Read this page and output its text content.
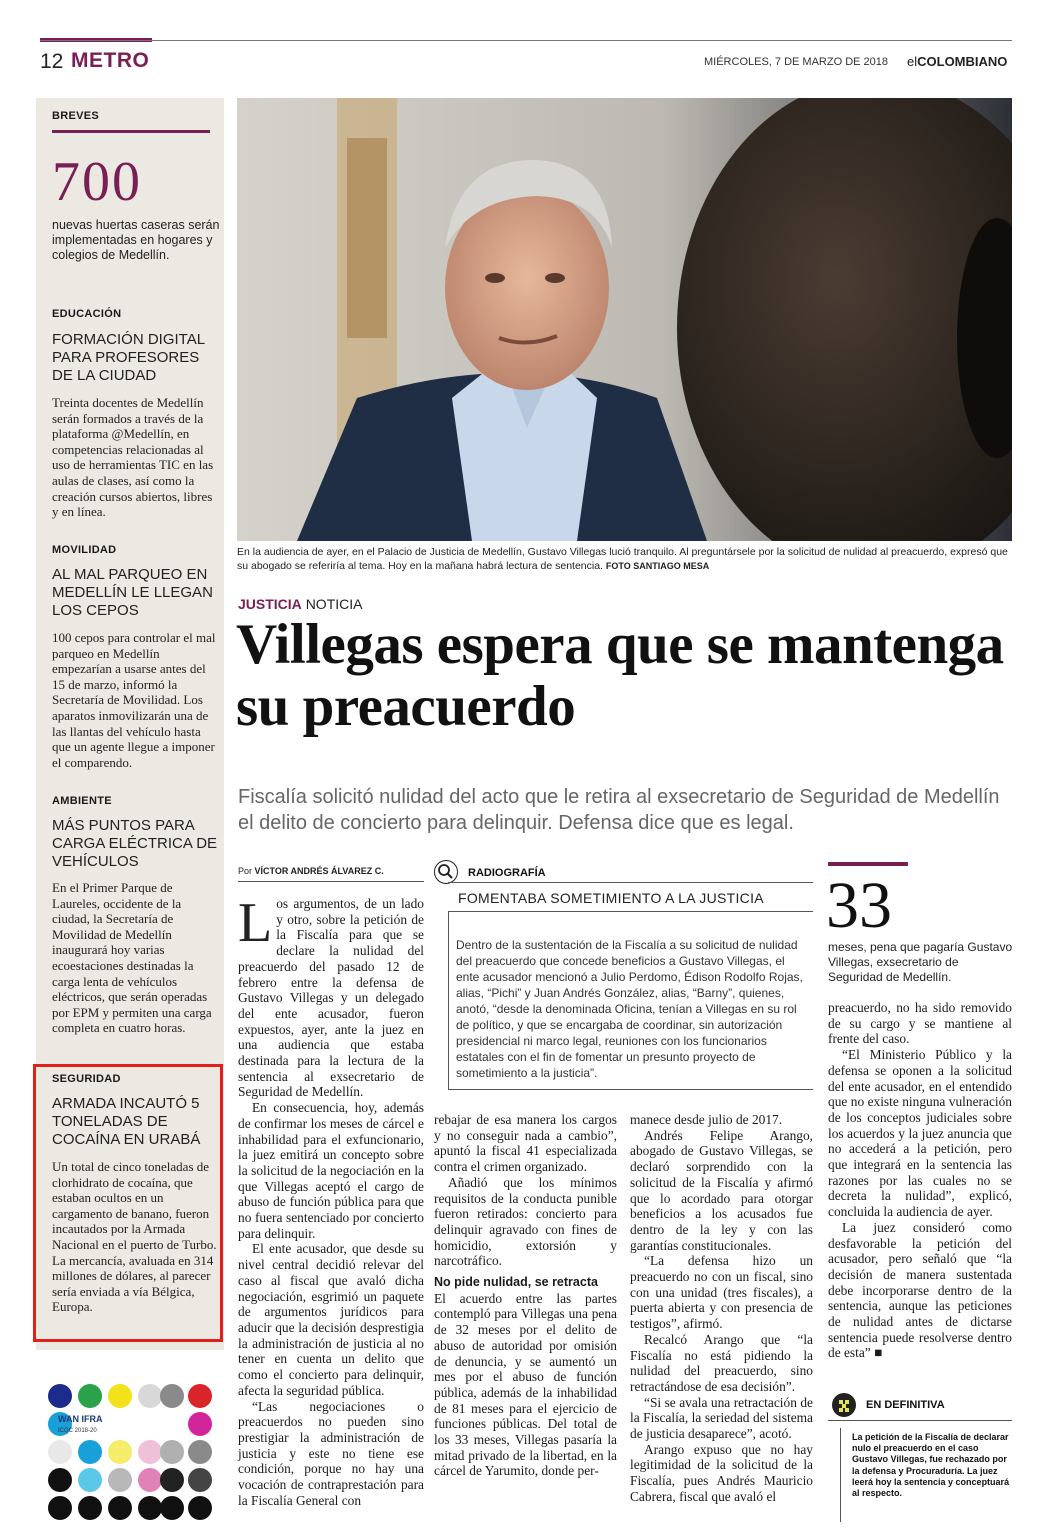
12 METRO	MIÉRCOLES, 7 DE MARZO DE 2018 elCOLOMBIANO
BREVES
700
nuevas huertas caseras serán implementadas en hogares y colegios de Medellín.
EDUCACIÓN
FORMACIÓN DIGITAL PARA PROFESORES DE LA CIUDAD
Treinta docentes de Medellín serán formados a través de la plataforma @Medellín, en competencias relacionadas al uso de herramientas TIC en las aulas de clases, así como la creación cursos abiertos, libres y en línea.
MOVILIDAD
AL MAL PARQUEO EN MEDELLÍN LE LLEGAN LOS CEPOS
100 cepos para controlar el mal parqueo en Medellín empezarían a usarse antes del 15 de marzo, informó la Secretaría de Movilidad. Los aparatos inmovilizarán una de las llantas del vehículo hasta que un agente llegue a imponer el comparendo.
AMBIENTE
MÁS PUNTOS PARA CARGA ELÉCTRICA DE VEHÍCULOS
En el Primer Parque de Laureles, occidente de la ciudad, la Secretaría de Movilidad de Medellín inaugurará hoy varias ecoestaciones destinadas la carga lenta de vehículos eléctricos, que serán operadas por EPM y permiten una carga completa en cuatro horas.
SEGURIDAD
ARMADA INCAUTÓ 5 TONELADAS DE COCAÍNA EN URABÁ
Un total de cinco toneladas de clorhidrato de cocaína, que estaban ocultos en un cargamento de banano, fueron incautados por la Armada Nacional en el puerto de Turbo. La mercancía, avaluada en 314 millones de dólares, al parecer sería enviada a vía Bélgica, Europa.
WAN IFRA
ICQC 2018-20
En la audiencia de ayer, en el Palacio de Justicia de Medellín, Gustavo Villegas lució tranquilo. Al preguntársele por la solicitud de nulidad al preacuerdo, expresó que su abogado se referiría al tema. Hoy en la mañana habrá lectura de sentencia. FOTO SANTIAGO MESA
JUSTICIA NOTICIA
Villegas espera que se mantenga su preacuerdo
Fiscalía solicitó nulidad del acto que le retira al exsecretario de Seguridad de Medellín el delito de concierto para delinquir. Defensa dice que es legal.
Por VÍCTOR ANDRÉS ÁLVAREZ C.

Los argumentos, de un lado y otro, sobre la petición de la Fiscalía para que se declare la nulidad del preacuerdo del pasado 12 de febrero entre la defensa de Gustavo Villegas y un delegado del ente acusador, fueron expuestos, ayer, ante la juez en una audiencia que estaba destinada para la lectura de la sentencia al exsecretario de Seguridad de Medellín.

En consecuencia, hoy, además de confirmar los meses de cárcel e inhabilidad para el exfuncionario, la juez emitirá un concepto sobre la solicitud de la negociación en la que Villegas aceptó el cargo de abuso de función pública para que no fuera sentenciado por concierto para delinquir.

El ente acusador, que desde su nivel central decidió relevar del caso al fiscal que avaló dicha negociación, esgrimió un paquete de argumentos jurídicos para aducir que la decisión desprestigia la administración de justicia al no tener en cuenta un delito que como el concierto para delinquir, afecta la seguridad pública.

“Las negociaciones o preacuerdos no pueden sino prestigiar la administración de justicia y este no tiene ese condición, porque no hay una vocación de contraprestación para la Fiscalía General con

RADIOGRAFÍA
FOMENTABA SOMETIMIENTO A LA JUSTICIA
Dentro de la sustentación de la Fiscalía a su solicitud de nulidad del preacuerdo que concede beneficios a Gustavo Villegas, el ente acusador mencionó a Julio Perdomo, Édison Rodolfo Rojas, alias, “Pichi” y Juan Andrés González, alias, “Barny”, quienes, anotó, “desde la denominada Oficina, tenían a Villegas en su rol de político, y que se encargaba de coordinar, sin autorización presidencial ni marco legal, reuniones con los funcionarios estatales con el fin de fomentar un presunto proyecto de sometimiento a la justicia”.

rebajar de esa manera los cargos y no conseguir nada a cambio”, apuntó la fiscal 41 especializada contra el crimen organizado.

Añadió que los mínimos requisitos de la conducta punible fueron retirados: concierto para delinquir agravado con fines de homicidio, extorsión y narcotráfico.

No pide nulidad, se retracta

El acuerdo entre las partes contempló para Villegas una pena de 32 meses por el delito de abuso de autoridad por omisión de denuncia, y se aumentó un mes por el abuso de función pública, además de la inhabilidad de 81 meses para el ejercicio de funciones públicas. Del total de los 33 meses, Villegas pasaría la mitad privado de la libertad, en la cárcel de Yarumito, donde per-

manece desde julio de 2017.

Andrés Felipe Arango, abogado de Gustavo Villegas, se declaró sorprendido con la solicitud de la Fiscalía y afirmó que lo acordado para otorgar beneficios a los acusados fue dentro de la ley y con las garantías constitucionales.

“La defensa hizo un preacuerdo no con un fiscal, sino con una unidad (tres fiscales), a puerta abierta y con presencia de testigos”, afirmó.

Recalcó Arango que “la Fiscalía no está pidiendo la nulidad del preacuerdo, sino retractándose de esa decisión”.

“Si se avala una retractación de la Fiscalía, la seriedad del sistema de justicia desaparece”, acotó.

Arango expuso que no hay legitimidad de la solicitud de la Fiscalía, pues Andrés Mauricio Cabrera, fiscal que avaló el

33
meses, pena que pagaría Gustavo Villegas, exsecretario de Seguridad de Medellín.

preacuerdo, no ha sido removido de su cargo y se mantiene al frente del caso.

“El Ministerio Público y la defensa se oponen a la solicitud del ente acusador, en el entendido que no existe ninguna vulneración de los conceptos judiciales sobre los acuerdos y la juez anuncia que no accederá a la petición, pero que integrará en la sentencia las razones por las cuales no se decreta la nulidad”, explicó, concluida la audiencia de ayer.

La juez consideró como desfavorable la petición del acusador, pero señaló que “la decisión de manera sustentada debe incorporarse dentro de la sentencia, aunque las peticiones de nulidad antes de dictarse sentencia puede resolverse dentro de esta” ■

EN DEFINITIVA
La petición de la Fiscalía de declarar nulo el preacuerdo en el caso Gustavo Villegas, fue rechazado por la defensa y Procuraduría. La juez leerá hoy la sentencia y conceptuará al respecto.
